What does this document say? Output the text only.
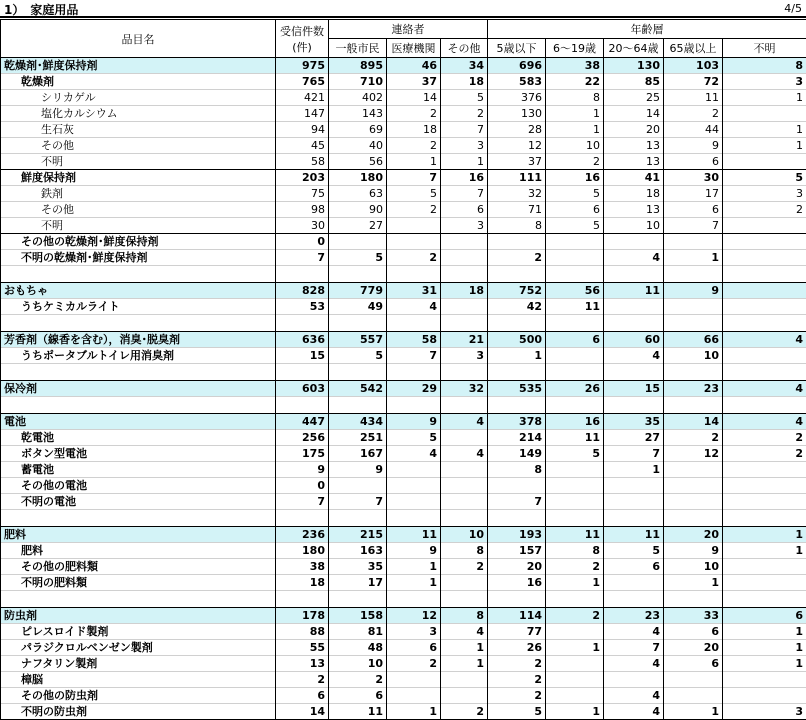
1）　家庭用品	4/5
品目名	受信件数
(件)	連絡者			年齢層				
		一般市民	医療機関	その他	5歳以下	6～19歳	20～64歳	65歳以上	不明
乾燥剤･鮮度保持剤	975	895	46	34	696	38	130	103	8
乾燥剤	765	710	37	18	583	22	85	72	3
シリカゲル	421	402	14	5	376	8	25	11	1
塩化カルシウム	147	143	2	2	130	1	14	2	
生石灰	94	69	18	7	28	1	20	44	1
その他	45	40	2	3	12	10	13	9	1
不明	58	56	1	1	37	2	13	6	
鮮度保持剤	203	180	7	16	111	16	41	30	5
鉄剤	75	63	5	7	32	5	18	17	3
その他	98	90	2	6	71	6	13	6	2
不明	30	27		3	8	5	10	7	
その他の乾燥剤･鮮度保持剤	0								
不明の乾燥剤･鮮度保持剤	7	5	2		2		4	1	

おもちゃ	828	779	31	18	752	56	11	9	
うちケミカルライト	53	49	4		42	11			

芳香剤（線香を含む），消臭･脱臭剤	636	557	58	21	500	6	60	66	4
うちポータブルトイレ用消臭剤	15	5	7	3	1		4	10	

保冷剤	603	542	29	32	535	26	15	23	4

電池	447	434	9	4	378	16	35	14	4
乾電池	256	251	5		214	11	27	2	2
ボタン型電池	175	167	4	4	149	5	7	12	2
蓄電池	9	9			8		1		
その他の電池	0								
不明の電池	7	7			7				

肥料	236	215	11	10	193	11	11	20	1
肥料	180	163	9	8	157	8	5	9	1
その他の肥料類	38	35	1	2	20	2	6	10	
不明の肥料類	18	17	1		16	1		1	

防虫剤	178	158	12	8	114	2	23	33	6
ピレスロイド製剤	88	81	3	4	77		4	6	1
パラジクロルベンゼン製剤	55	48	6	1	26	1	7	20	1
ナフタリン製剤	13	10	2	1	2		4	6	1
樟脳	2	2			2				
その他の防虫剤	6	6			2		4		
不明の防虫剤	14	11	1	2	5	1	4	1	3
